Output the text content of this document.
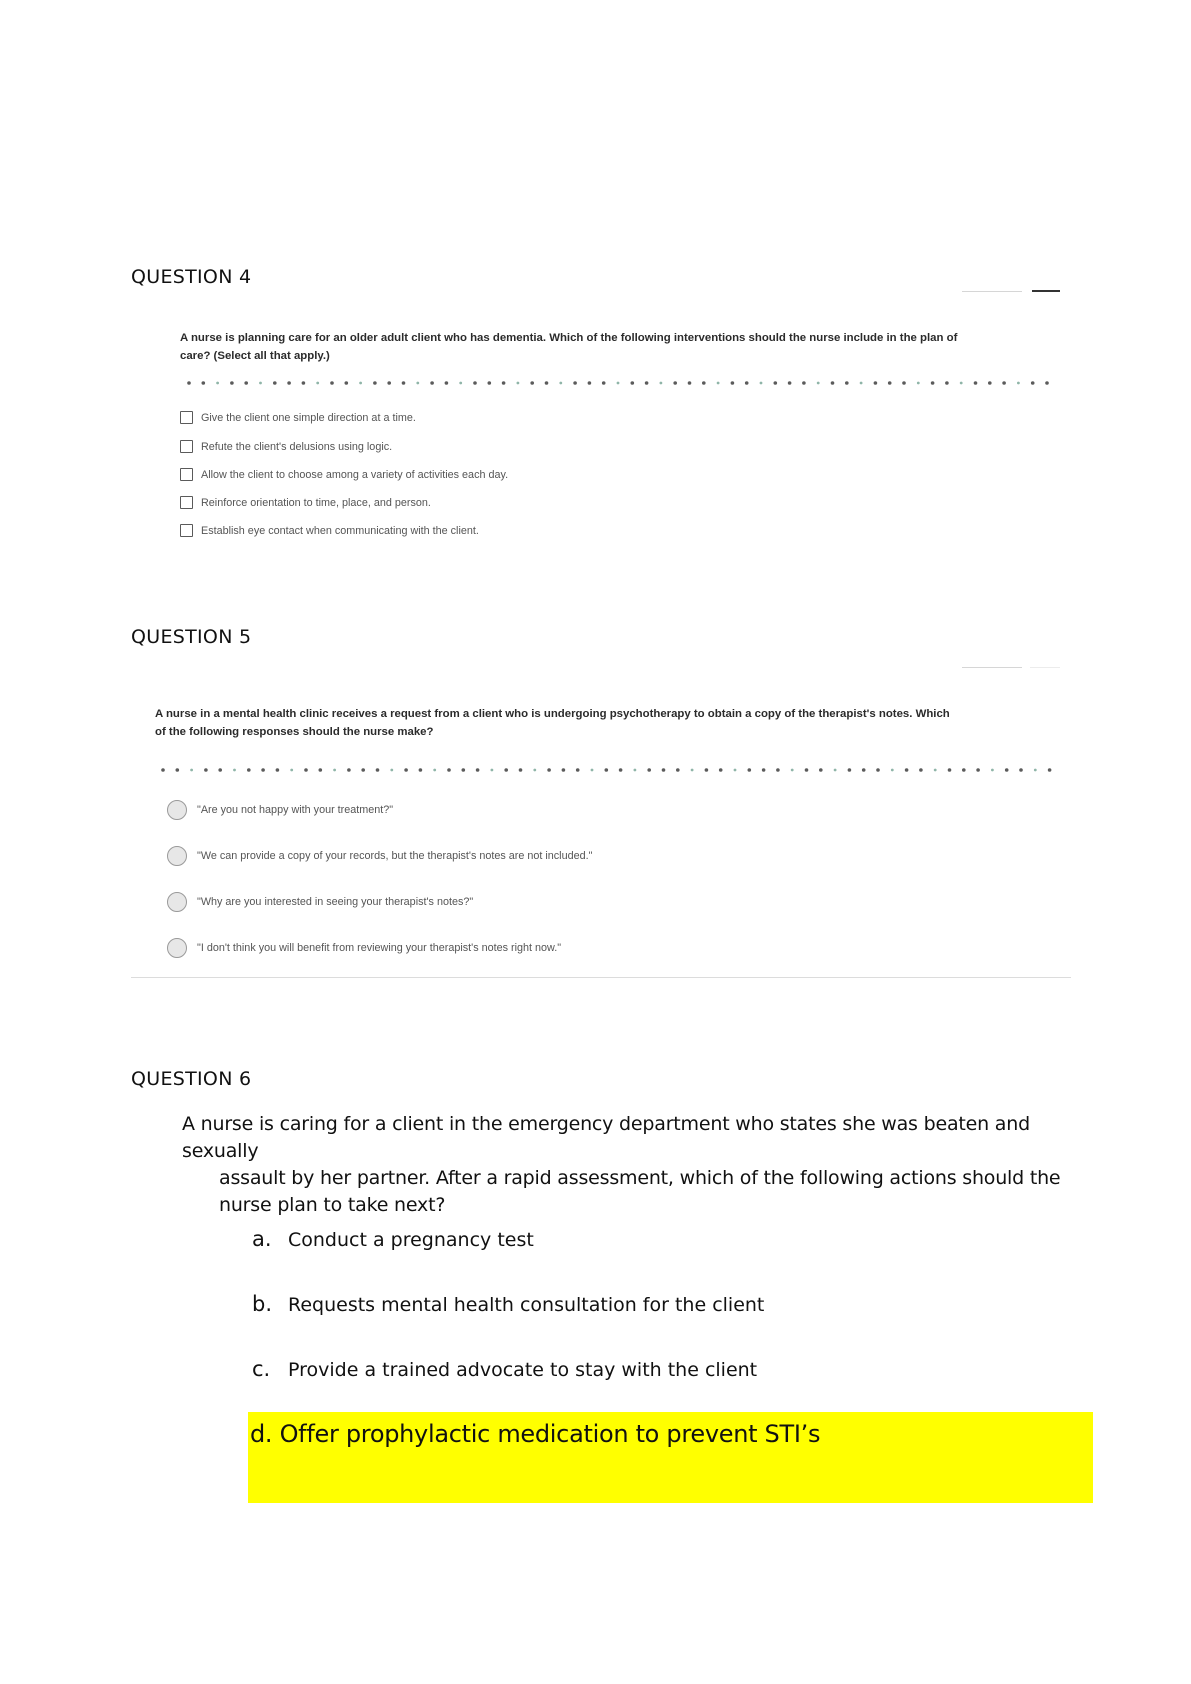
QUESTION 4
A nurse is planning care for an older adult client who has dementia. Which of the following interventions should the nurse include in the plan of
care? (Select all that apply.)
Give the client one simple direction at a time.
Refute the client's delusions using logic.
Allow the client to choose among a variety of activities each day.
Reinforce orientation to time, place, and person.
Establish eye contact when communicating with the client.
QUESTION 5
A nurse in a mental health clinic receives a request from a client who is undergoing psychotherapy to obtain a copy of the therapist's notes. Which
of the following responses should the nurse make?
"Are you not happy with your treatment?"
"We can provide a copy of your records, but the therapist's notes are not included."
"Why are you interested in seeing your therapist's notes?"
"I don't think you will benefit from reviewing your therapist's notes right now."
QUESTION 6
A nurse is caring for a client in the emergency department who states she was beaten and sexually
assault by her partner. After a rapid assessment, which of the following actions should the
nurse plan to take next?
a. Conduct a pregnancy test
b. Requests mental health consultation for the client
c. Provide a trained advocate to stay with the client
d. Offer prophylactic medication to prevent STI’s
